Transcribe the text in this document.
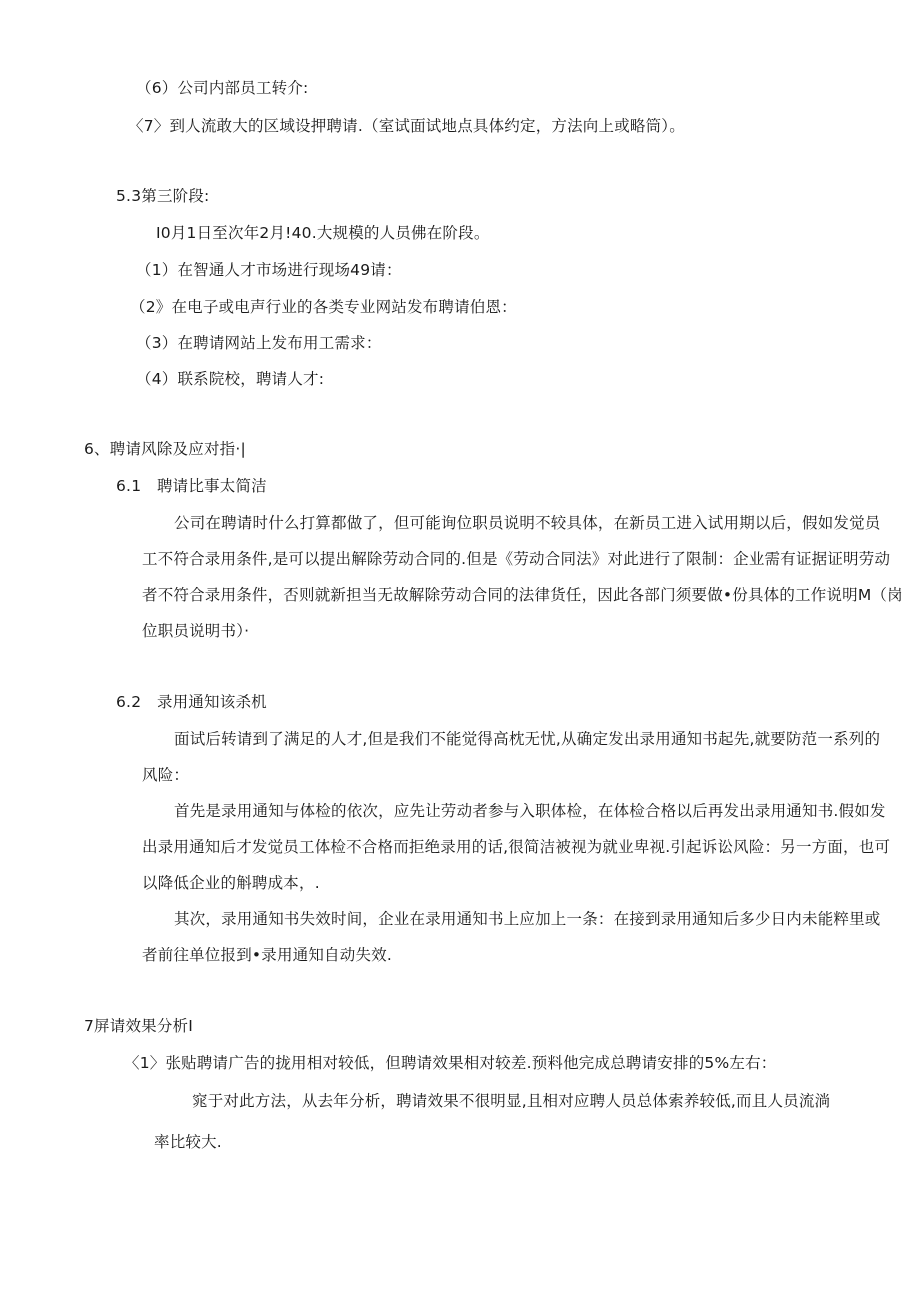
（6）公司内部员工转介:
〈7〉到人流敢大的区域设押聘请.（室试面试地点具体约定，方法向上或略筒）。
5.3第三阶段:
I0月1日至次年2月!40.大规模的人员佛在阶段。
（1）在智通人才市场进行现场49请：
（2》在电子或电声行业的各类专业网站发布聘请伯恩：
（3）在聘请网站上发布用工需求：
（4）联系院校，聘请人才:
6、聘请风除及应对指·|
6.1　聘请比事太简洁
公司在聘请时什么打算都做了，但可能询位职员说明不较具体，在新员工进入试用期以后，假如发觉员
工不符合录用条件,是可以提出解除劳动合同的.但是《劳动合同法》对此进行了限制：企业需有证据证明劳动
者不符合录用条件，否则就新担当无故解除劳动合同的法律货任，因此各部门须要做•份具体的工作说明M（岗
位职员说明书）·
6.2　录用通知该杀机
面试后转请到了满足的人才,但是我们不能觉得高枕无忧,从确定发出录用通知书起先,就要防范一系列的
风险：
首先是录用通知与体检的依次，应先让劳动者参与入职体检，在体检合格以后再发出录用通知书.假如发
出录用通知后才发觉员工体检不合格而拒绝录用的话,很简洁被视为就业卑视.引起诉讼风险：另一方面，也可
以降低企业的斛聘成本，.
其次，录用通知书失效时间，企业在录用通知书上应加上一条：在接到录用通知后多少日内未能粹里或
者前往单位报到•录用通知自动失效.
7屏请效果分析I
〈1〉张贴聘请广告的拢用相对较低，但聘请效果相对较差.预料他完成总聘请安排的5%左右：
窕于对此方法，从去年分析，聘请效果不很明显,且相对应聘人员总体索养较低,而且人员流淌
率比较大.
